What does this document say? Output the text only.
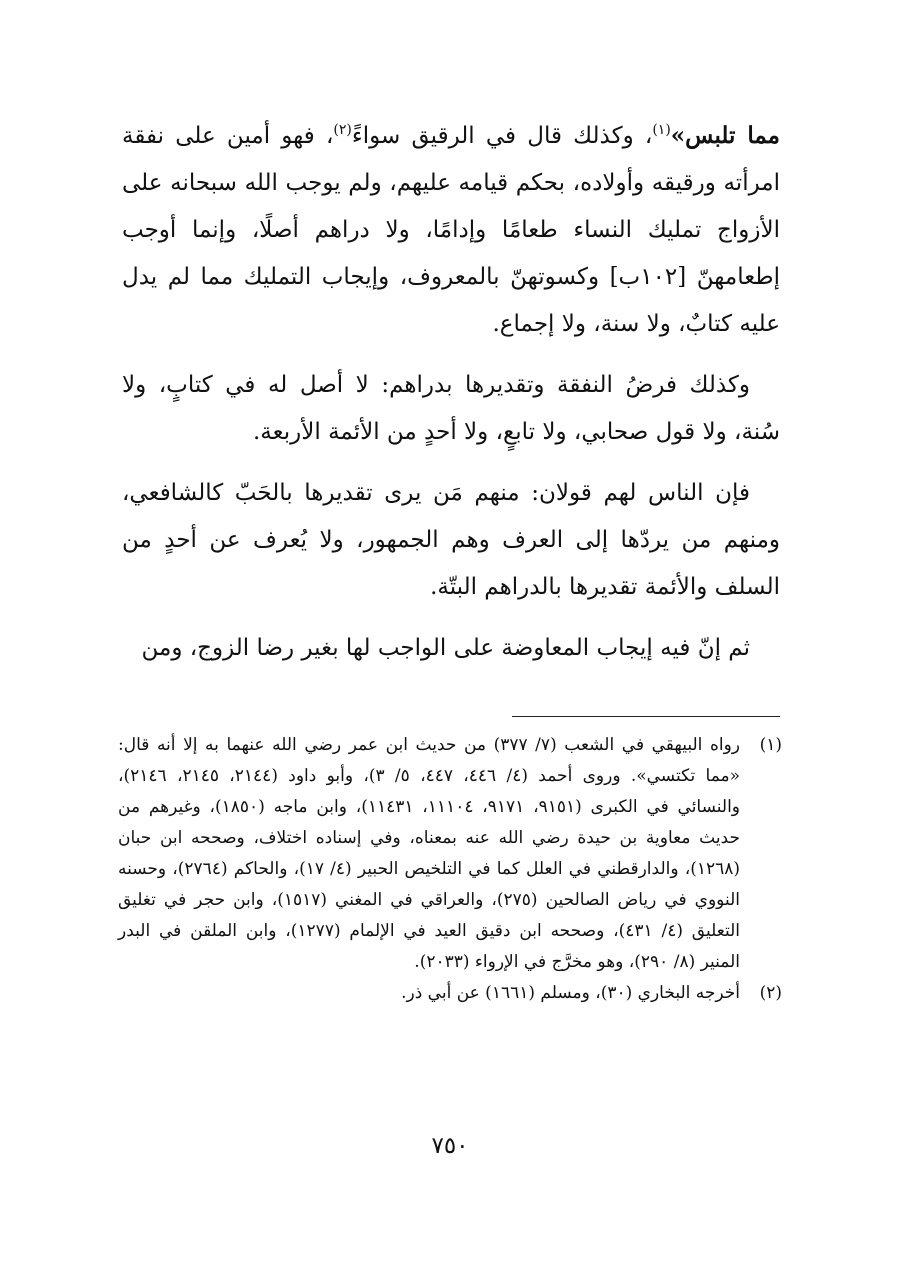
مما تلبس»$^{(١)}$، وكذلك قال في الرقيق سواءً$^{(٢)}$، فهو أمين على نفقة امرأته ورقيقه وأولاده، بحكم قيامه عليهم، ولم يوجب الله سبحانه على الأزواج تمليك النساء طعامًا وإدامًا، ولا دراهم أصلًا، وإنما أوجب إطعامهنّ [١٠٢ب] وكسوتهنّ بالمعروف، وإيجاب التمليك مما لم يدل عليه كتابٌ، ولا سنة، ولا إجماع.

وكذلك فرضُ النفقة وتقديرها بدراهم: لا أصل له في كتابٍ، ولا سُنة، ولا قول صحابي، ولا تابعٍ، ولا أحدٍ من الأئمة الأربعة.

فإن الناس لهم قولان: منهم مَن يرى تقديرها بالحَبّ كالشافعي، ومنهم من يردّها إلى العرف وهم الجمهور، ولا يُعرف عن أحدٍ من السلف والأئمة تقديرها بالدراهم البتّة.

ثم إنّ فيه إيجاب المعاوضة على الواجب لها بغير رضا الزوج، ومن

(١)
رواه البيهقي في الشعب (٧/ ٣٧٧) من حديث ابن عمر رضي الله عنهما به إلا أنه قال: «مما تكتسي». وروى أحمد (٤/ ٤٤٦، ٤٤٧، ٥/ ٣)، وأبو داود (٢١٤٤، ٢١٤٥، ٢١٤٦)، والنسائي في الكبرى (٩١٥١، ٩١٧١، ١١١٠٤، ١١٤٣١)، وابن ماجه (١٨٥٠)، وغيرهم من حديث معاوية بن حيدة رضي الله عنه بمعناه، وفي إسناده اختلاف، وصححه ابن حبان (١٢٦٨)، والدارقطني في العلل كما في التلخيص الحبير (٤/ ١٧)، والحاكم (٢٧٦٤)، وحسنه النووي في رياض الصالحين (٢٧٥)، والعراقي في المغني (١٥١٧)، وابن حجر في تغليق التعليق (٤/ ٤٣١)، وصححه ابن دقيق العيد في الإلمام (١٢٧٧)، وابن الملقن في البدر المنير (٨/ ٢٩٠)، وهو مخرَّج في الإرواء (٢٠٣٣).

(٢)
أخرجه البخاري (٣٠)، ومسلم (١٦٦١) عن أبي ذر.

٧٥٠
